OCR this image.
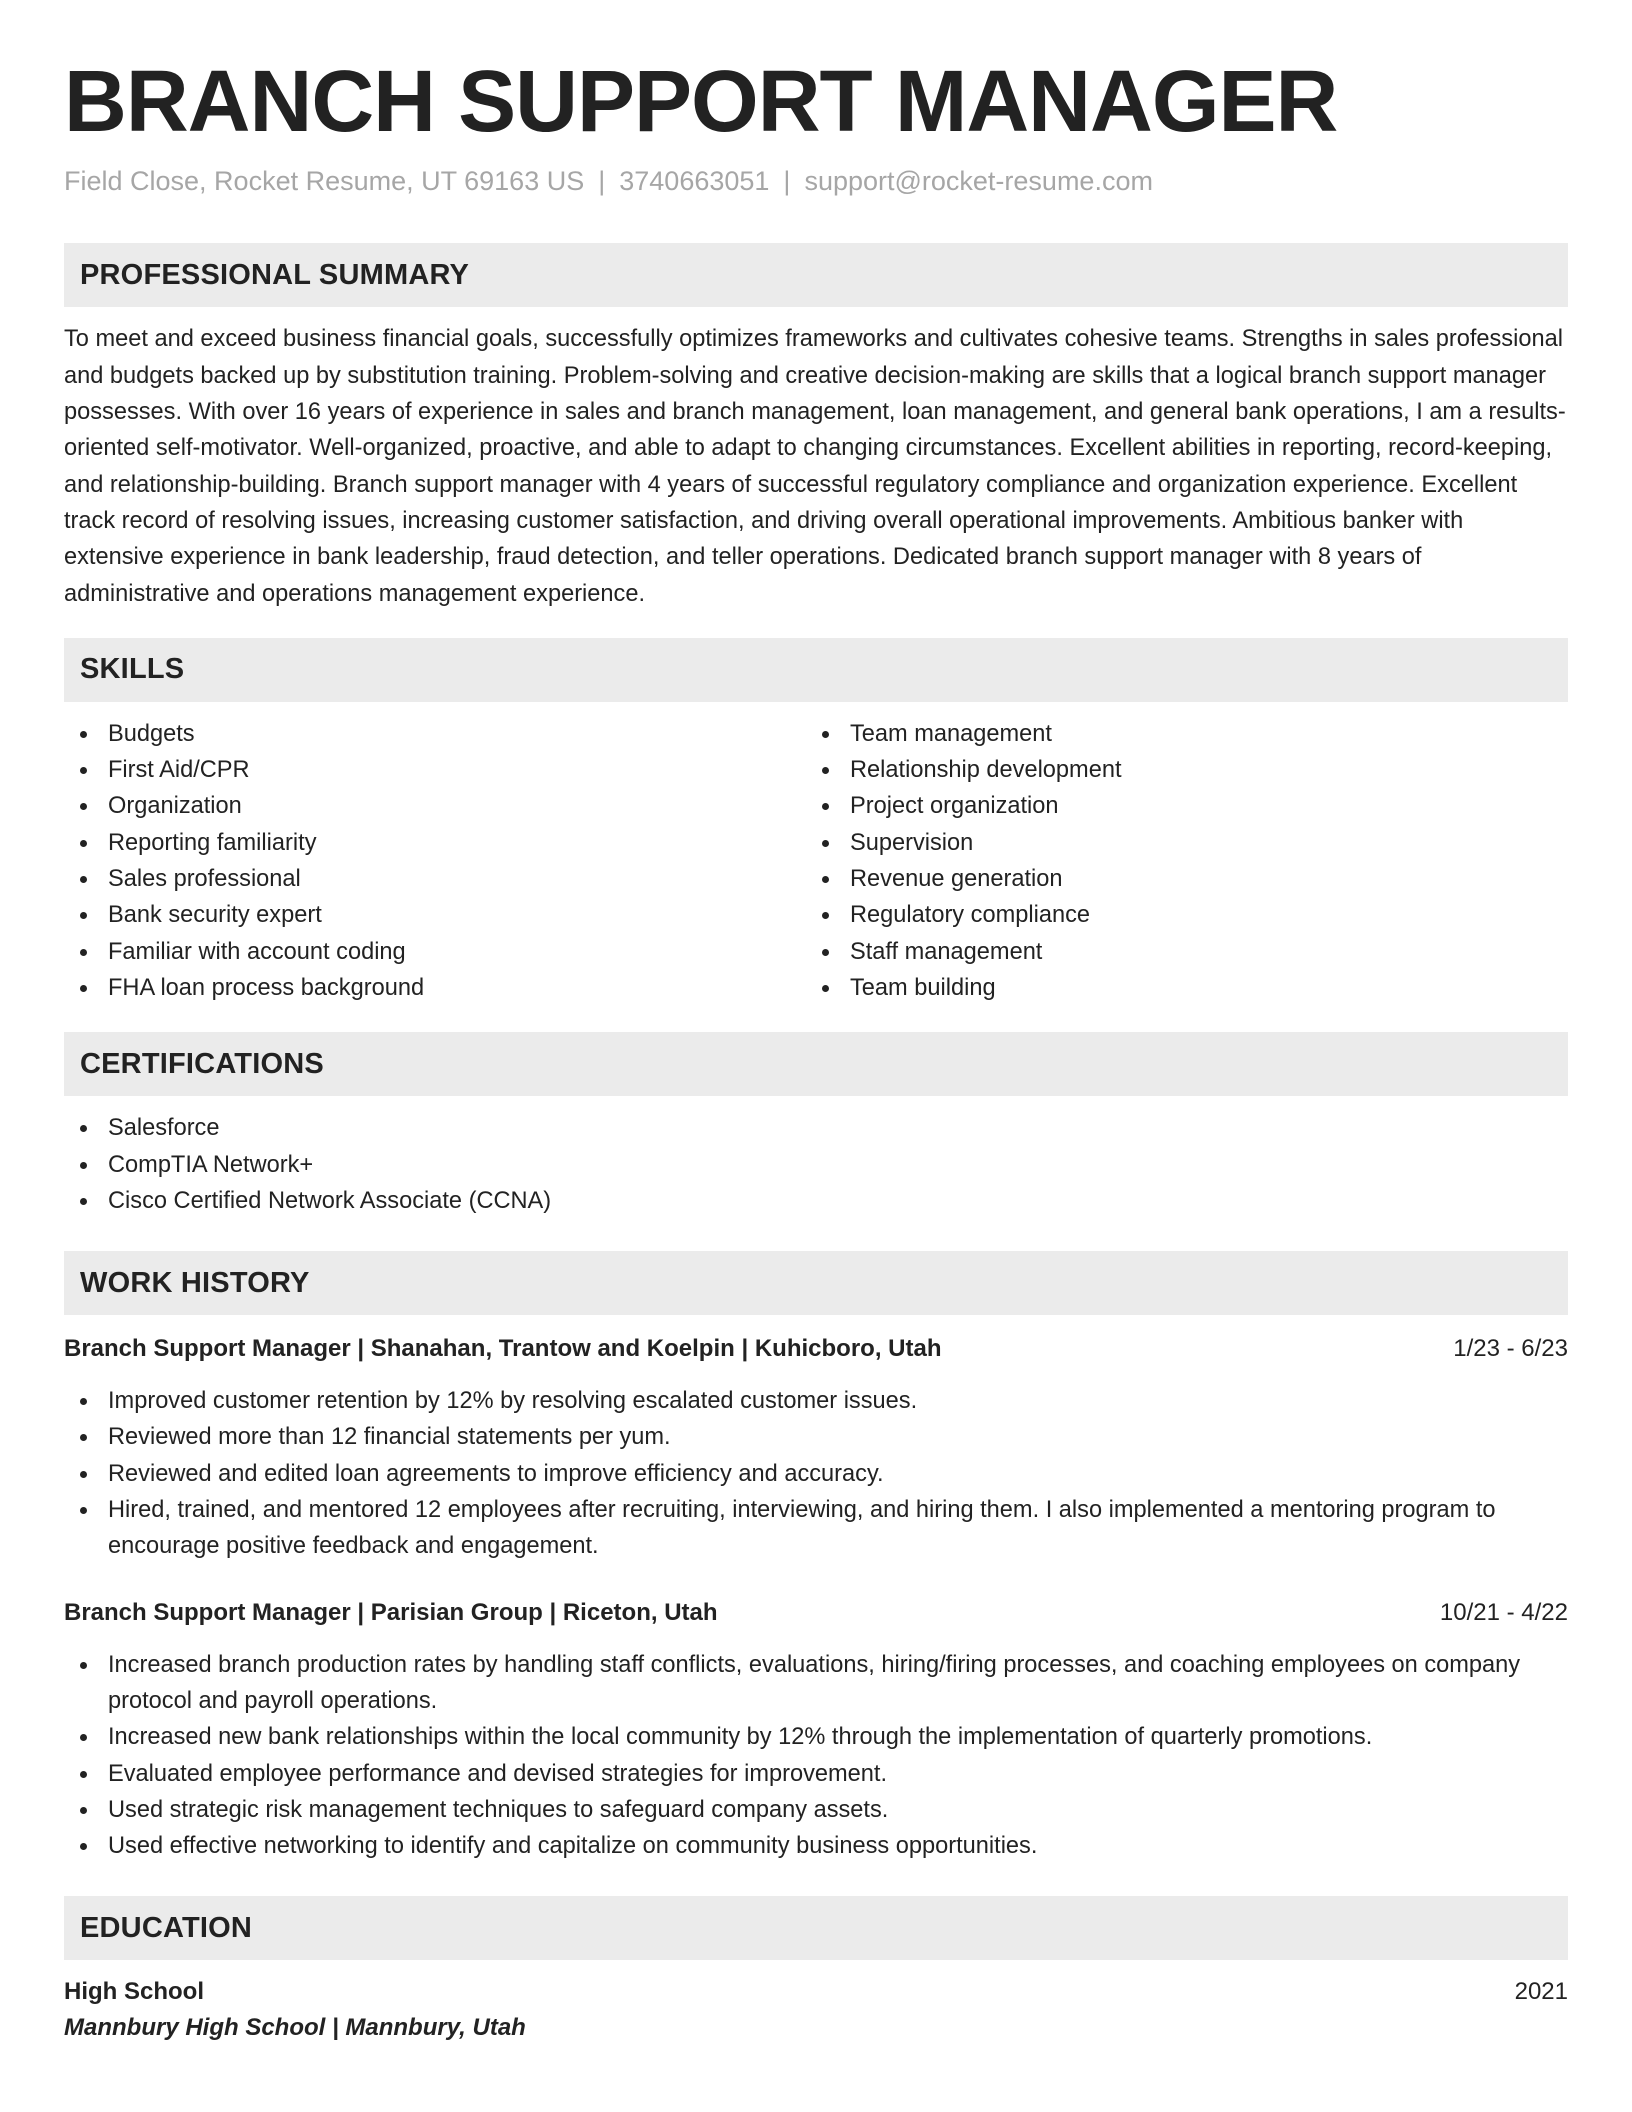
BRANCH SUPPORT MANAGER
Field Close, Rocket Resume, UT 69163 US | 3740663051 | support@rocket-resume.com
PROFESSIONAL SUMMARY

To meet and exceed business financial goals, successfully optimizes frameworks and cultivates cohesive teams. Strengths in sales professional and budgets backed up by substitution training. Problem-solving and creative decision-making are skills that a logical branch support manager possesses. With over 16 years of experience in sales and branch management, loan management, and general bank operations, I am a results-oriented self-motivator. Well-organized, proactive, and able to adapt to changing circumstances. Excellent abilities in reporting, record-keeping, and relationship-building. Branch support manager with 4 years of successful regulatory compliance and organization experience. Excellent track record of resolving issues, increasing customer satisfaction, and driving overall operational improvements. Ambitious banker with extensive experience in bank leadership, fraud detection, and teller operations. Dedicated branch support manager with 8 years of administrative and operations management experience.

SKILLS
Budgets
First Aid/CPR
Organization
Reporting familiarity
Sales professional
Bank security expert
Familiar with account coding
FHA loan process background
Team management
Relationship development
Project organization
Supervision
Revenue generation
Regulatory compliance
Staff management
Team building
CERTIFICATIONS
Salesforce
CompTIA Network+
Cisco Certified Network Associate (CCNA)
WORK HISTORY
Branch Support Manager | Shanahan, Trantow and Koelpin | Kuhicboro, Utah	1/23 - 6/23
Improved customer retention by 12% by resolving escalated customer issues.
Reviewed more than 12 financial statements per yum.
Reviewed and edited loan agreements to improve efficiency and accuracy.
Hired, trained, and mentored 12 employees after recruiting, interviewing, and hiring them. I also implemented a mentoring program to encourage positive feedback and engagement.
Branch Support Manager | Parisian Group | Riceton, Utah	10/21 - 4/22
Increased branch production rates by handling staff conflicts, evaluations, hiring/firing processes, and coaching employees on company protocol and payroll operations.
Increased new bank relationships within the local community by 12% through the implementation of quarterly promotions.
Evaluated employee performance and devised strategies for improvement.
Used strategic risk management techniques to safeguard company assets.
Used effective networking to identify and capitalize on community business opportunities.
EDUCATION
High School	2021
Mannbury High School | Mannbury, Utah
